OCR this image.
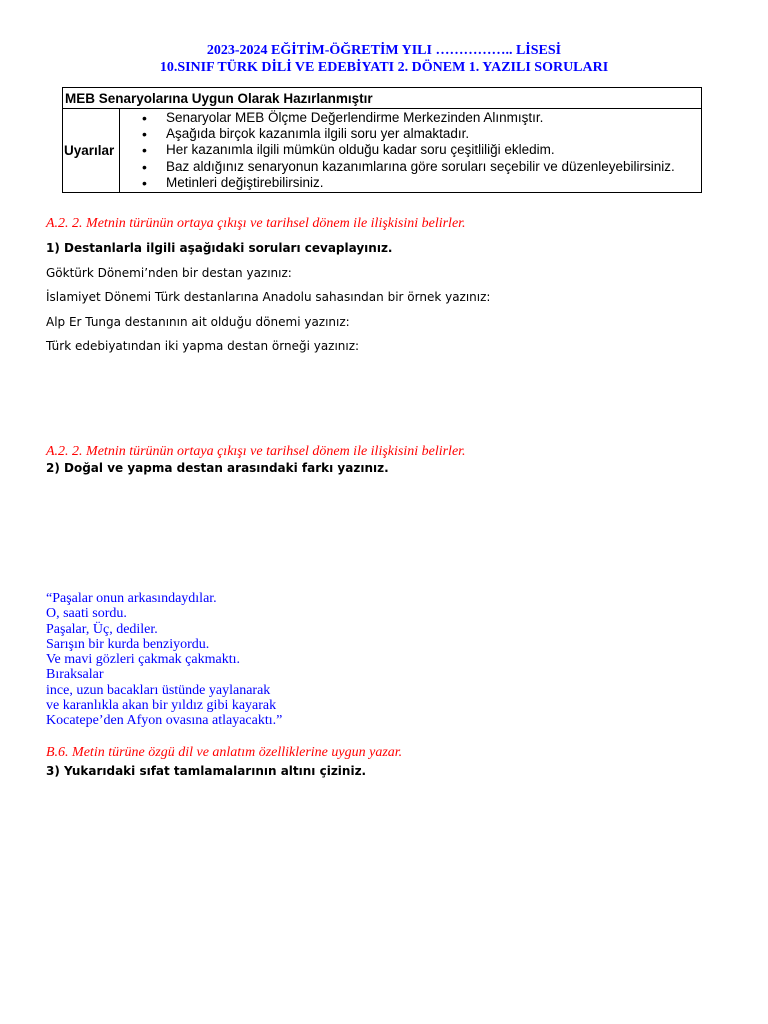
2023-2024 EĞİTİM-ÖĞRETİM YILI …………….. LİSESİ
10.SINIF TÜRK DİLİ VE EDEBİYATI 2. DÖNEM 1. YAZILI SORULARI
MEB Senaryolarına Uygun Olarak Hazırlanmıştır
Uyarılar	
• Senaryolar MEB Ölçme Değerlendirme Merkezinden Alınmıştır.
• Aşağıda birçok kazanımla ilgili soru yer almaktadır.
• Her kazanımla ilgili mümkün olduğu kadar soru çeşitliliği ekledim.
• Baz aldığınız senaryonun kazanımlarına göre soruları seçebilir ve düzenleyebilirsiniz.
• Metinleri değiştirebilirsiniz.
A.2. 2. Metnin türünün ortaya çıkışı ve tarihsel dönem ile ilişkisini belirler.
1) Destanlarla ilgili aşağıdaki soruları cevaplayınız.
Göktürk Dönemi’nden bir destan yazınız:
İslamiyet Dönemi Türk destanlarına Anadolu sahasından bir örnek yazınız:
Alp Er Tunga destanının ait olduğu dönemi yazınız:
Türk edebiyatından iki yapma destan örneği yazınız:
A.2. 2. Metnin türünün ortaya çıkışı ve tarihsel dönem ile ilişkisini belirler.
2) Doğal ve yapma destan arasındaki farkı yazınız.
“Paşalar onun arkasındaydılar.
O, saati sordu.
Paşalar, Üç, dediler.
Sarışın bir kurda benziyordu.
Ve mavi gözleri çakmak çakmaktı.
Bıraksalar
ince, uzun bacakları üstünde yaylanarak
ve karanlıkla akan bir yıldız gibi kayarak
Kocatepe’den Afyon ovasına atlayacaktı.”
B.6. Metin türüne özgü dil ve anlatım özelliklerine uygun yazar.
3) Yukarıdaki sıfat tamlamalarının altını çiziniz.
